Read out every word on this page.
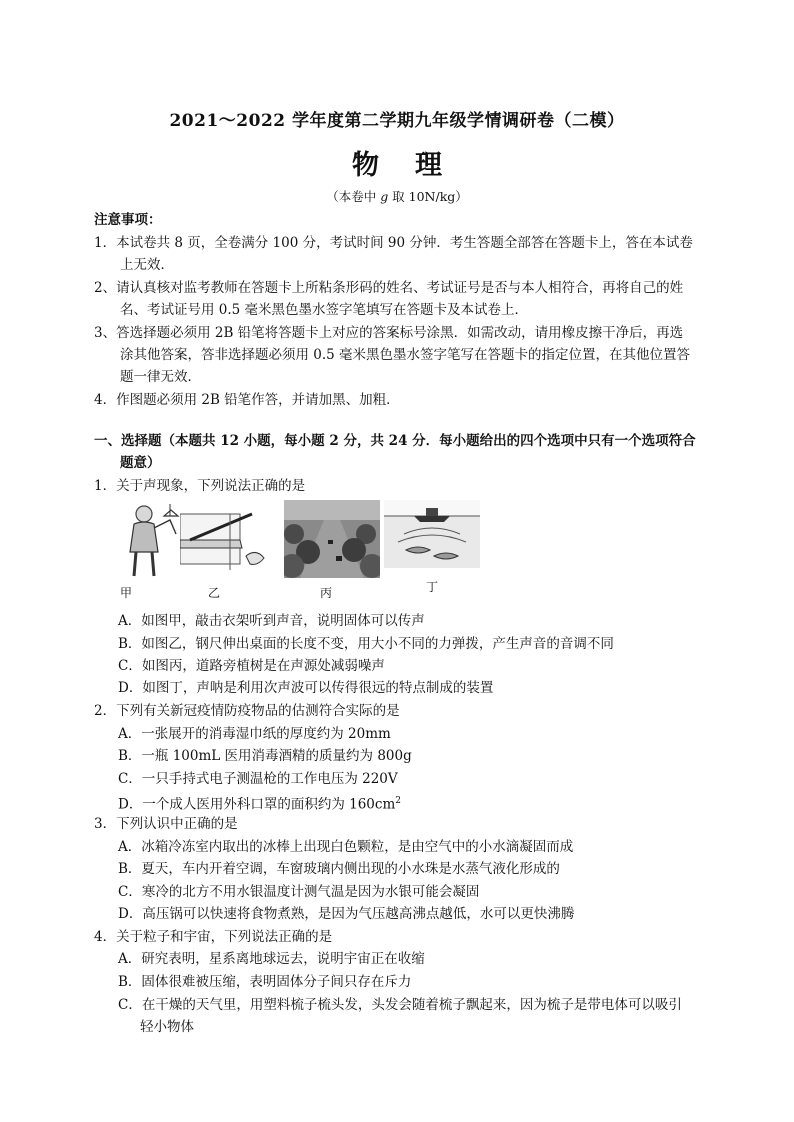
2021～2022 学年度第二学期九年级学情调研卷（二模）
物理
（本卷中 g 取 10N/kg）
注意事项：
1．本试卷共 8 页，全卷满分 100 分，考试时间 90 分钟．考生答题全部答在答题卡上，答在本试卷
上无效．
2、请认真核对监考教师在答题卡上所粘条形码的姓名、考试证号是否与本人相符合，再将自己的姓
名、考试证号用 0.5 毫米黑色墨水签字笔填写在答题卡及本试卷上．
3、答选择题必须用 2B 铅笔将答题卡上对应的答案标号涂黑．如需改动，请用橡皮擦干净后，再选
涂其他答案，答非选择题必须用 0.5 毫米黑色墨水签字笔写在答题卡的指定位置，在其他位置答
题一律无效．
4．作图题必须用 2B 铅笔作答，并请加黑、加粗．
一、选择题（本题共 12 小题，每小题 2 分，共 24 分．每小题给出的四个选项中只有一个选项符合
题意）
1．关于声现象，下列说法正确的是
甲	乙	丙	丁
A．如图甲，敲击衣架听到声音，说明固体可以传声
B．如图乙，钢尺伸出桌面的长度不变，用大小不同的力弹拨，产生声音的音调不同
C．如图丙，道路旁植树是在声源处减弱噪声
D．如图丁，声呐是利用次声波可以传得很远的特点制成的装置
2．下列有关新冠疫情防疫物品的估测符合实际的是
A．一张展开的消毒湿巾纸的厚度约为 20mm
B．一瓶 100mL 医用消毒酒精的质量约为 800g
C．一只手持式电子测温枪的工作电压为 220V
D．一个成人医用外科口罩的面积约为 $160cm^2$
3．下列认识中正确的是
A．冰箱冷冻室内取出的冰棒上出现白色颗粒，是由空气中的小水滴凝固而成
B．夏天，车内开着空调，车窗玻璃内侧出现的小水珠是水蒸气液化形成的
C．寒冷的北方不用水银温度计测气温是因为水银可能会凝固
D．高压锅可以快速将食物煮熟，是因为气压越高沸点越低，水可以更快沸腾
4．关于粒子和宇宙，下列说法正确的是
A．研究表明，星系离地球远去，说明宇宙正在收缩
B．固体很难被压缩，表明固体分子间只存在斥力
C．在干燥的天气里，用塑料梳子梳头发，头发会随着梳子飘起来，因为梳子是带电体可以吸引
轻小物体
